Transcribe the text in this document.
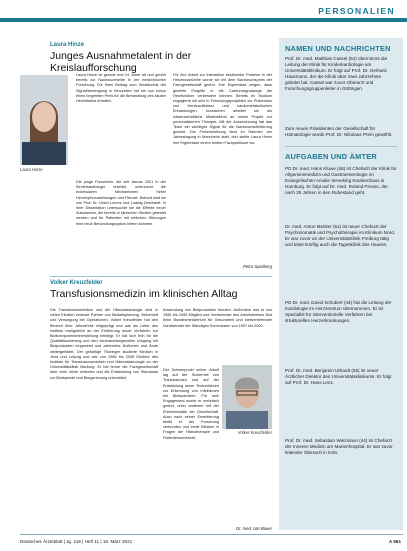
PERSONALIEN
Laura Hinze
Junges Ausnahmetalent in der Kreislaufforschung
Laura Hinze
Laura Hinze ist gerade erst 24 Jahre alt und gehört bereits zur Nachwuchselite in der medizinischen Forschung. Für ihren Beitrag zum Verständnis der Signalübertragung in Herzzellen hat sie nun schon einen begehrten Preis für die Behandlung des akuten Herzinfarkts erhalten.
Die junge Forscherin, die seit Januar 2021 in der Kinderkardiologie arbeitet, untersucht die molekularen Mechanismen hinter Herzrhythmusstörungen und Fibrose. Betreut wird sie von Prof. Dr. Ulrich Lorenz und Ludwig Deinhardt. In ihrer Dissertation untersuchte sie die Effekte neuer Substanzen, die bereits in klinischen Studien getestet werden und für Patienten mit erblichen Störungen eine neue Behandlungsoption bieten könnten.
Für ihre Arbeit zur Interaktion bestimmter Proteine in der Herzmuskelzelle wurde sie mit dem Nachwuchspreis der Fachgesellschaft geehrt. Ihre Ergebnisse zeigen, dass gezielte Eingriffe in die Calciumsignalwege die Herzfunktion verbessern können. Bereits im Studium engagierte sie sich in Forschungsprojekten zur Prävention von Herzinsuffizienz und kardiometabolischen Erkrankungen. Inzwischen arbeitet sie als wissenschaftliche Mitarbeiterin an einem Projekt zur personalisierten Therapie. Mit der Auszeichnung hat das Team ein wichtiges Signal für die Nachwuchsförderung gesetzt. Die Preisverleihung fand im Rahmen der Jahrestagung in Mannheim statt; dort stellte Laura Hinze ihre Ergebnisse einem breiten Fachpublikum vor.
Petra Spielberg
Volker Kreuzfelder
Transfusionsmedizin im klinischen Alltag
Die Transfusionsmedizin und die Hämostaseologie sind in vielen Kliniken zentrale Partner von Bedarfsplanung, Sicherheit und Versorgung bei Operationen. Volker Kreuzfelder hat den Bereich über Jahrzehnte mitgeprägt und war als Leiter des Instituts maßgeblich an der Einführung neuer Verfahren zur Blutkomponentenherstellung beteiligt. Er hat sich früh für die Qualitätssicherung und den verantwortungsvollen Umgang mit Blutprodukten eingesetzt und zahlreiche Ärztinnen und Ärzte weitergebildet. Der gebürtige Thüringer studierte Medizin in Jena und Leipzig und war von 1986 bis 2005 Direktor des Instituts für Transfusionsmedizin und Hämostaseologie an der Universitätsklinik Marburg. Er hat ferner die Fachgesellschaft über viele Jahre vertreten und die Entwicklung von Standards zur Blutspende und Blutgerinnung unterstützt.
Anwendung von Blutprodukten berufen. Außerdem war er von 1985 bis 1999 Mitglied und Vorsitzender des Arbeitskreises Blut beim Bundesministerium für Gesundheit und stellvertretender Vorsitzender der Ständigen Kommission von 1997 bis 2000.
Volker Kreuzfelder
Der Schwerpunkt seiner Arbeit lag auf der Sicherheit von Transfusionen und auf der Entwicklung neuer Testverfahren zur Erkennung von Infektionen bei Blutspendern. Für sein Engagement wurde er mehrfach geehrt, unter anderem mit der Ehrenmedaille der Gesellschaft. Auch nach seiner Emeritierung bleibt er der Forschung verbunden und berät Kliniken in Fragen der Hämotherapie und Patientensicherheit.
Dr. med. Ute Bauer
NAMEN UND NACHRICHTEN
Prof. Dr. med. Matthias Cassel (54) übernimmt die Leitung der Klinik für Kinderkardiologie am Universitätsklinikum. Er folgt auf Prof. Dr. Gerhard Hausmann, der die Klinik über zwei Jahrzehnte geleitet hat. Cassel war zuvor Oberarzt und Forschungsgruppenleiter in Göttingen.
Zum neuen Präsidenten der Gesellschaft für Hämatologie wurde Prof. Dr. Nikolaus Prem gewählt.
AUFGABEN UND ÄMTER
PD Dr. med. Hans Kluwe (48) ist Chefarzt der Klinik für Allgemeinmedizin und Gastroenterologie im Evangelischen Amalie Sieveking Krankenhaus in Hamburg. Er folgt auf Dr. med. Roland Preuss, der nach 25 Jahren in den Ruhestand geht.
Dr. med. Anton Meister (51) ist neuer Chefarzt der Psychosomatik und Psychotherapie im Klinikum Nord. Er war zuvor an der Universitätsklinik Freiburg tätig und leitet künftig auch die Tagesklinik des Hauses.
PD Dr. med. David Schubert (44) hat die Leitung der Kardiologie im Herzzentrum übernommen. Er ist Spezialist für interventionelle Verfahren bei strukturellen Herzerkrankungen.
Prof. Dr. med. Benjamin Uthardt (55) ist neuer Ärztlicher Direktor des Universitätsklinikums. Er folgt auf Prof. Dr. Hans Lenz.
Prof. Dr. med. Sebastian Weizmann (44) ist Chefarzt der Inneren Medizin am Marienhospital. Er war zuvor leitender Oberarzt in Köln.
Deutsches Ärzteblatt | Jg. 118 | Heft 11 | 19. März 2021	A 561
